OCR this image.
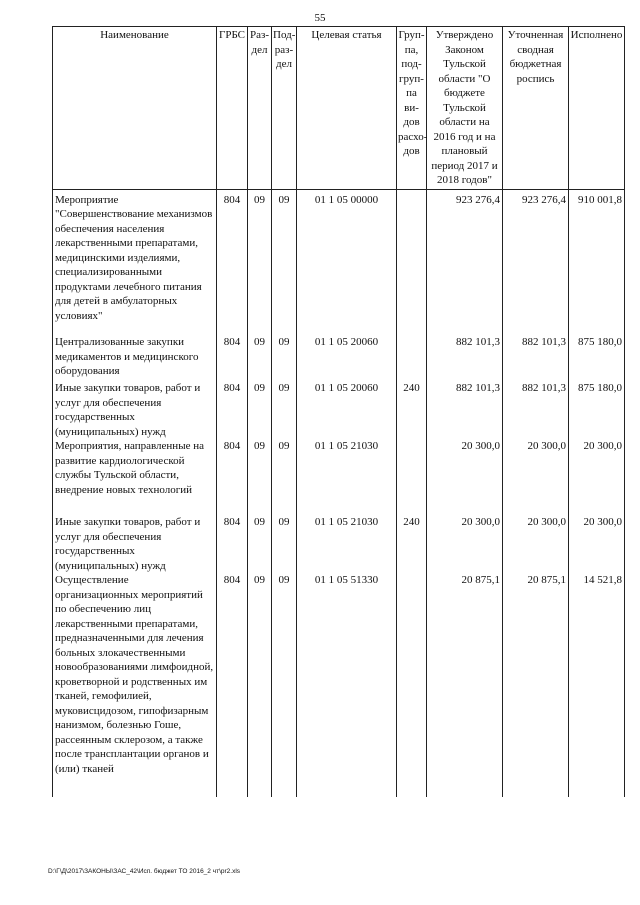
55
Наименование	ГРБС	Раз-дел	Под-раз-дел	Целевая статья	Груп-па, под-груп-па ви-дов расхо-дов	Утверждено Законом Тульской области "О бюджете Тульской области на 2016 год и на плановый период 2017 и 2018 годов"	Уточненная сводная бюджетная роспись	Исполнено
Мероприятие "Совершенствование механизмов обеспечения населения лекарственными препаратами, медицинскими изделиями, специализированными продуктами лечебного питания для детей в амбулаторных условиях"	804	09	09	01 1 05 00000		923 276,4	923 276,4	910 001,8
Централизованные закупки медикаментов и медицинского оборудования	804	09	09	01 1 05 20060		882 101,3	882 101,3	875 180,0
Иные закупки товаров, работ и услуг для обеспечения государственных (муниципальных) нужд	804	09	09	01 1 05 20060	240	882 101,3	882 101,3	875 180,0
Мероприятия, направленные на развитие кардиологической службы Тульской области, внедрение новых технологий	804	09	09	01 1 05 21030		20 300,0	20 300,0	20 300,0
Иные закупки товаров, работ и услуг для обеспечения государственных (муниципальных) нужд	804	09	09	01 1 05 21030	240	20 300,0	20 300,0	20 300,0
Осуществление организационных мероприятий по обеспечению лиц лекарственными препаратами, предназначенными для лечения больных злокачественными новообразованиями лимфоидной, кроветворной и родственных им тканей, гемофилией, муковисцидозом, гипофизарным нанизмом, болезнью Гоше, рассеянным склерозом, а также после трансплантации органов и (или) тканей	804	09	09	01 1 05 51330		20 875,1	20 875,1	14 521,8
D:\Г\Д\2017\ЗАКОНЫ\ЗАС_42\Исп. бюджет ТО 2016_2 чт\pr2.xls
